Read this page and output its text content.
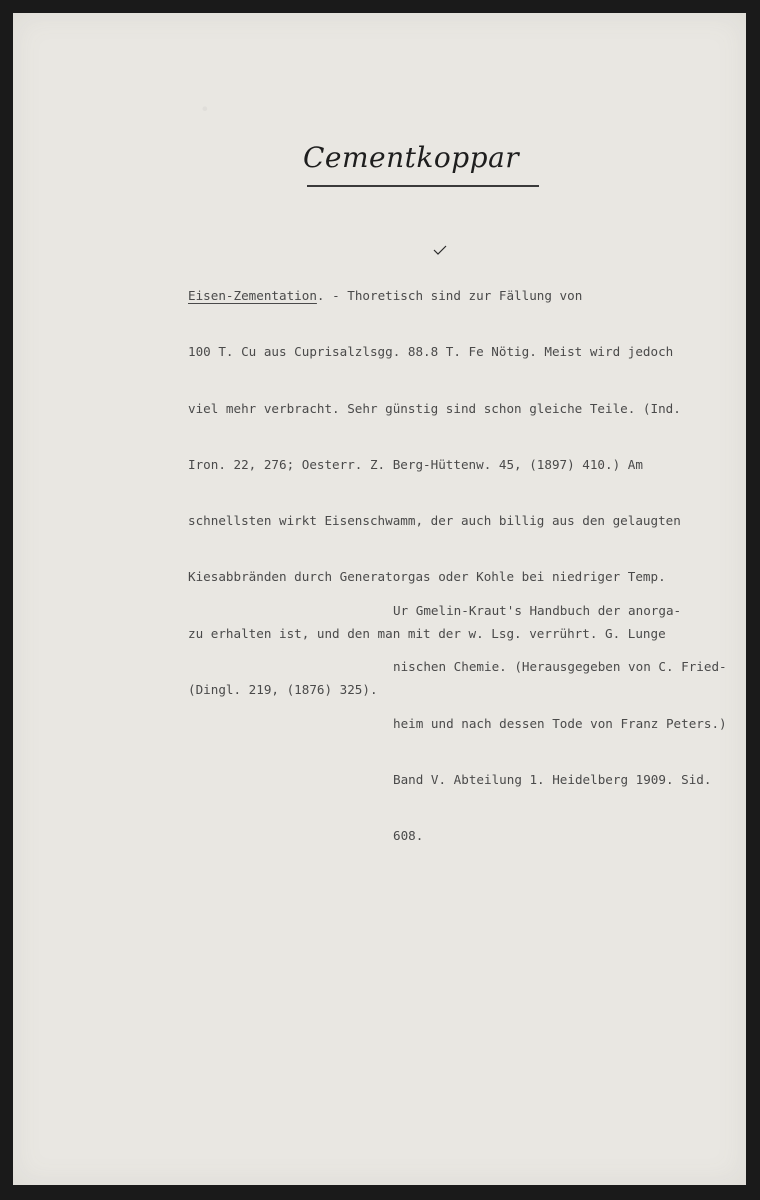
Cementkoppar

Eisen-Zementation. - Thoretisch sind zur Fällung von

100 T. Cu aus Cuprisalzlsgg. 88.8 T. Fe Nötig. Meist wird jedoch

viel mehr verbracht. Sehr günstig sind schon gleiche Teile. (Ind.

Iron. 22, 276; Oesterr. Z. Berg-Hüttenw. 45, (1897) 410.) Am

schnellsten wirkt Eisenschwamm, der auch billig aus den gelaugten

Kiesabbränden durch Generatorgas oder Kohle bei niedriger Temp.

zu erhalten ist, und den man mit der w. Lsg. verrührt. G. Lunge

(Dingl. 219, (1876) 325).

Ur Gmelin-Kraut's Handbuch der anorga-

nischen Chemie. (Herausgegeben von C. Fried-

heim und nach dessen Tode von Franz Peters.)

Band V. Abteilung 1. Heidelberg 1909. Sid.

608.
